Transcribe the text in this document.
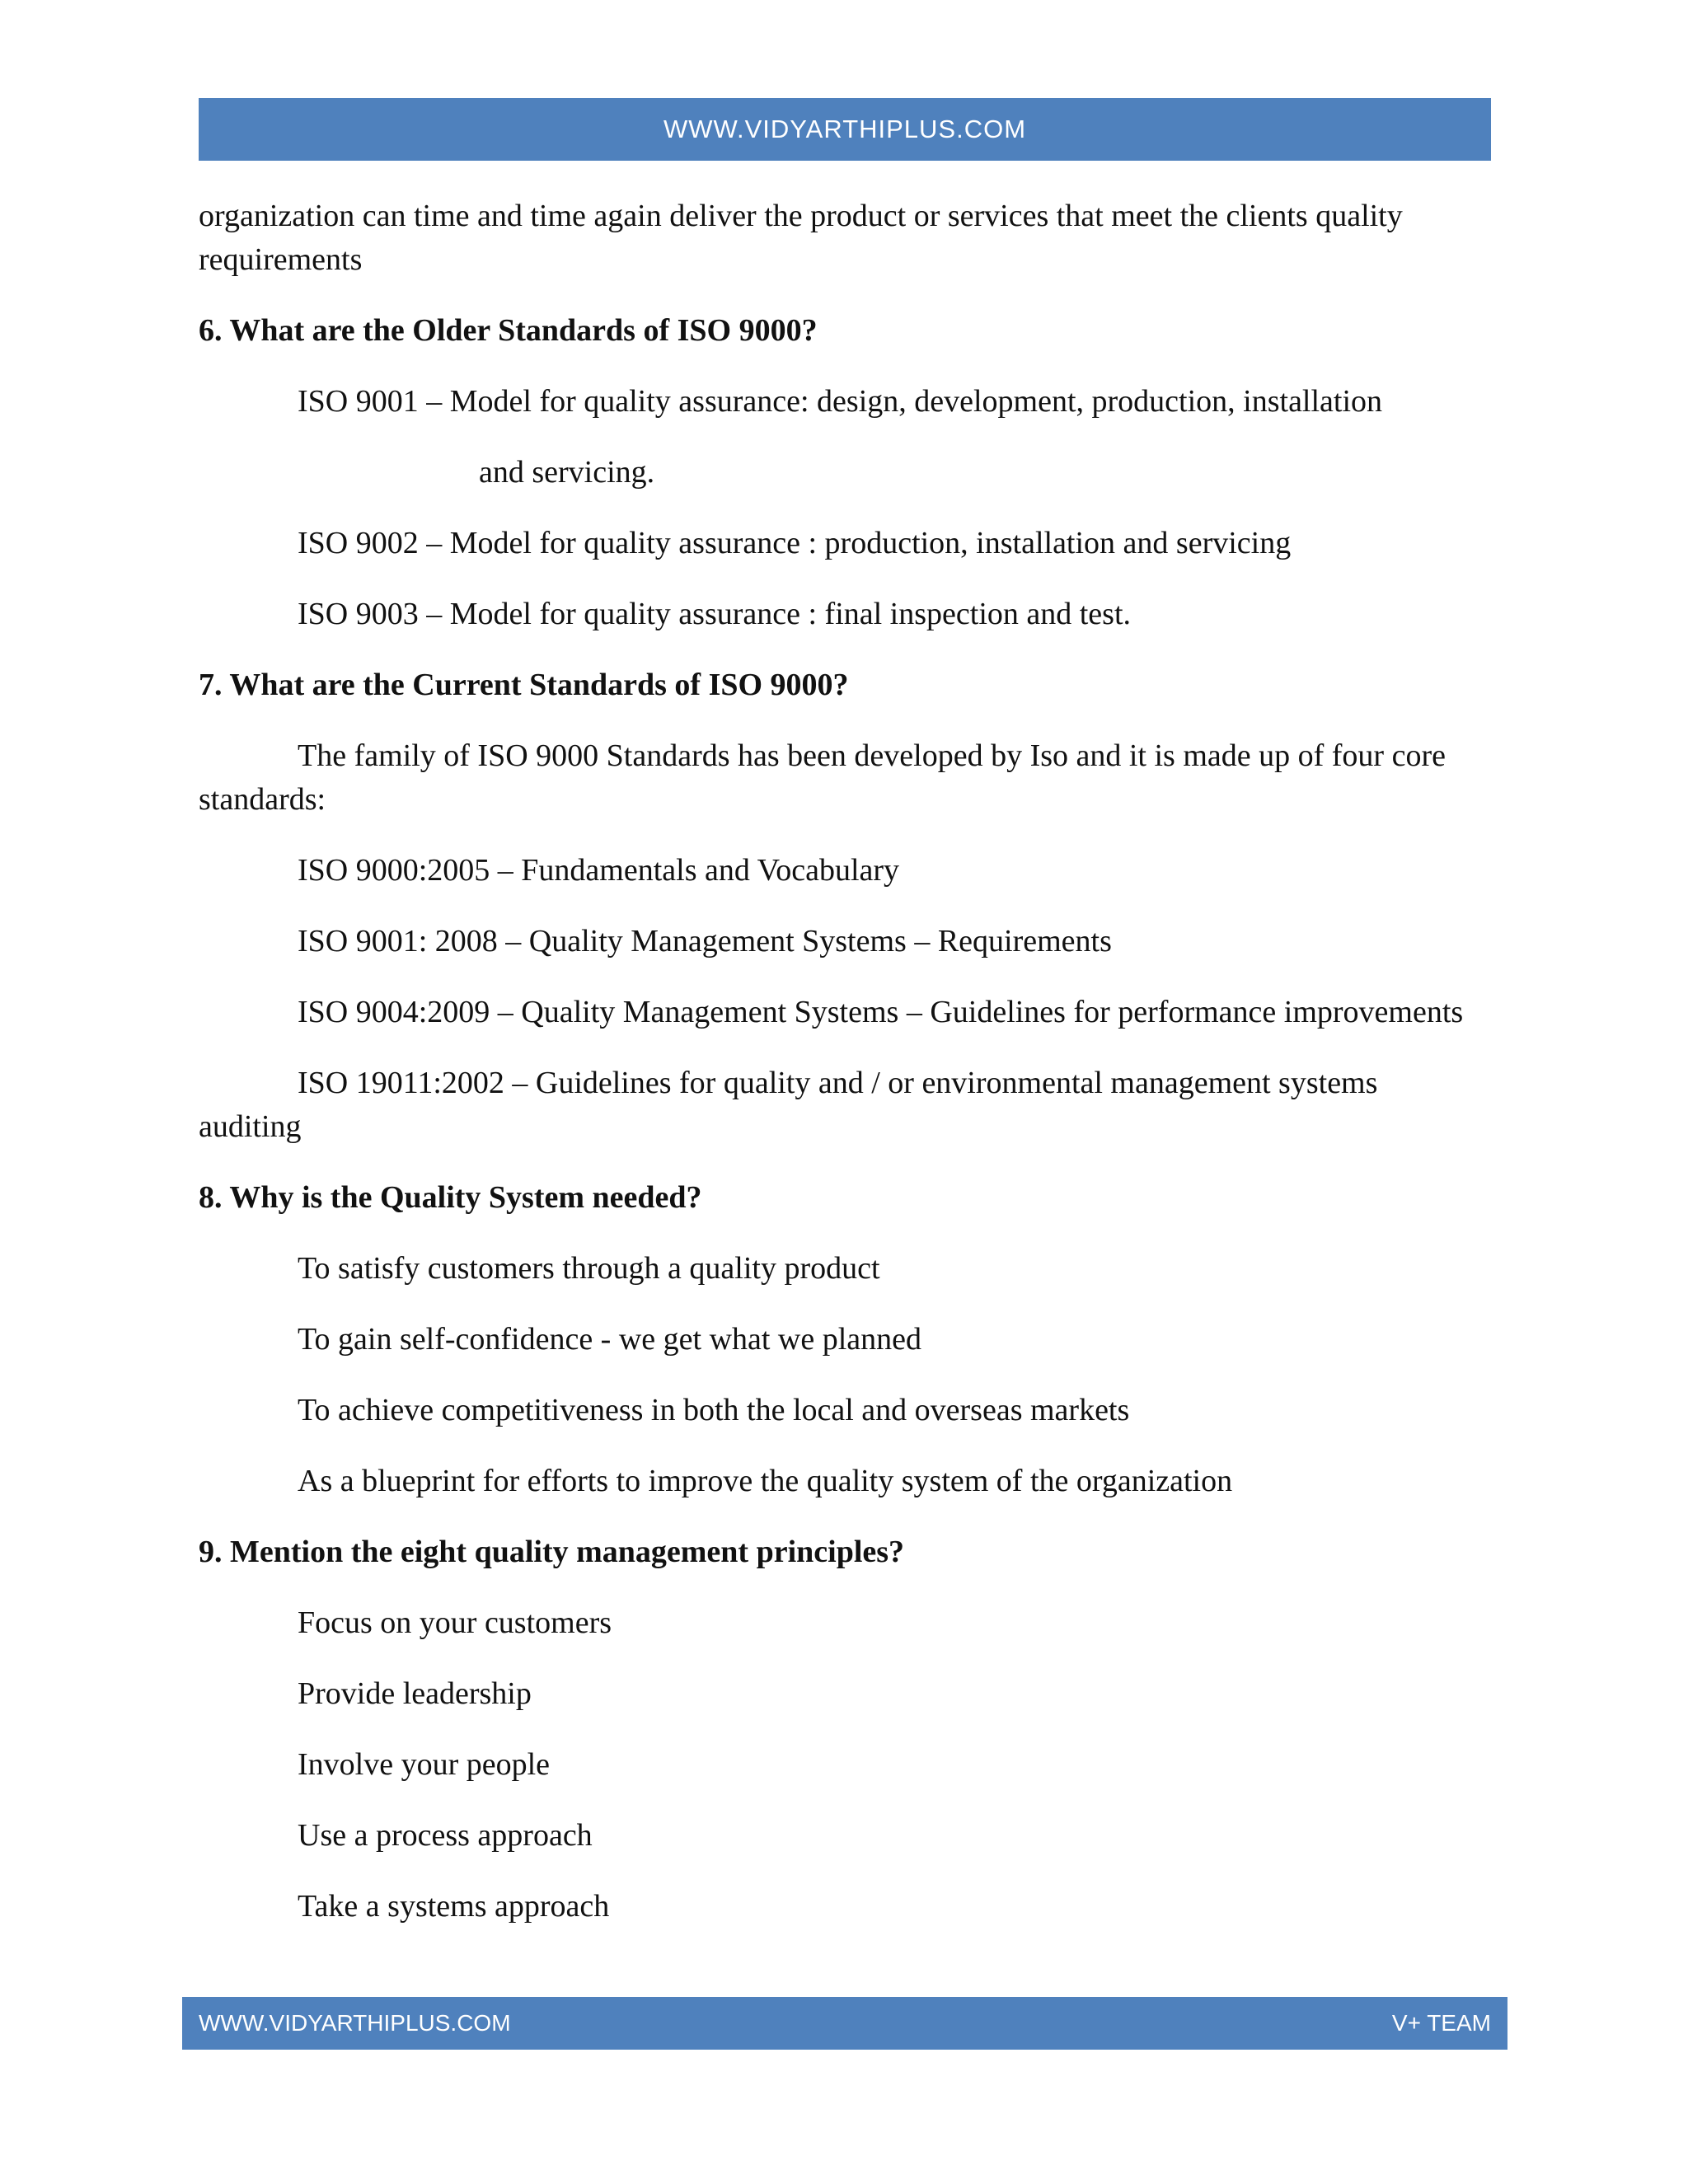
WWW.VIDYARTHIPLUS.COM

organization can time and time again deliver the product or services that meet the clients quality requirements

6. What are the Older Standards of ISO 9000?

ISO 9001 – Model for quality assurance: design, development, production, installation

and servicing.

ISO 9002 – Model for quality assurance : production, installation and servicing

ISO 9003 – Model for quality assurance : final inspection and test.

7. What are the Current Standards of ISO 9000?

The family of ISO 9000 Standards has been developed by Iso and it is made up of four core standards:

ISO 9000:2005 – Fundamentals and Vocabulary

ISO 9001: 2008 – Quality Management Systems – Requirements

ISO 9004:2009 – Quality Management Systems – Guidelines for performance improvements

ISO 19011:2002 – Guidelines for quality and / or environmental management systems auditing

8. Why is the Quality System needed?

To satisfy customers through a quality product

To gain self-confidence - we get what we planned

To achieve competitiveness in both the local and overseas markets

As a blueprint for efforts to improve the quality system of the organization

9. Mention the eight quality management principles?

Focus on your customers

Provide leadership

Involve your people

Use a process approach

Take a systems approach

WWW.VIDYARTHIPLUS.COM	V+ TEAM
